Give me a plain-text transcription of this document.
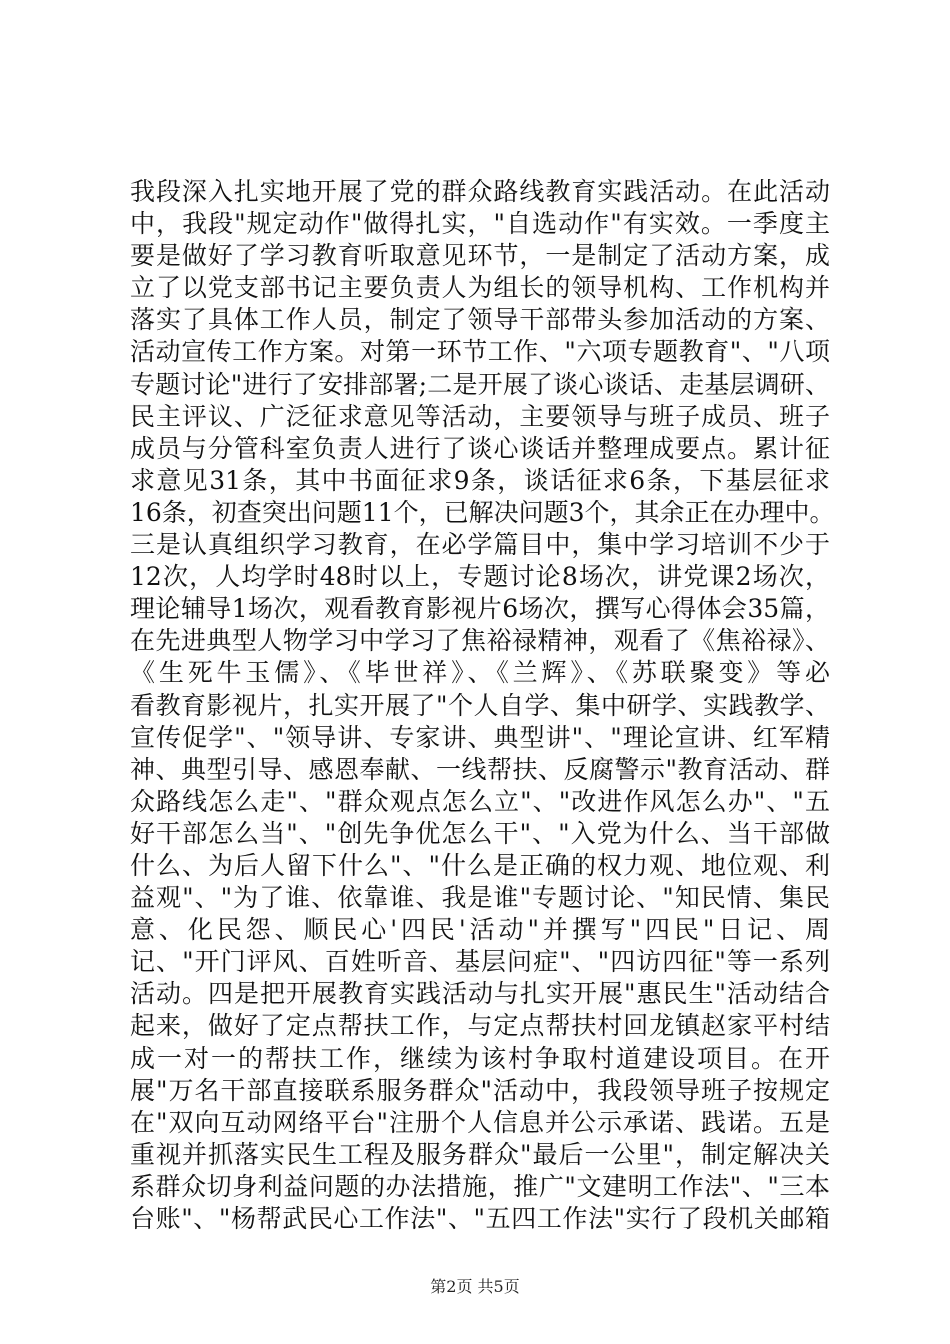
我段深入扎实地开展了党的群众路线教育实践活动。在此活动
中，我段"规定动作"做得扎实，"自选动作"有实效。一季度主
要是做好了学习教育听取意见环节，一是制定了活动方案，成
立了以党支部书记主要负责人为组长的领导机构、工作机构并
落实了具体工作人员，制定了领导干部带头参加活动的方案、
活动宣传工作方案。对第一环节工作、"六项专题教育"、"八项
专题讨论"进行了安排部署;二是开展了谈心谈话、走基层调研、
民主评议、广泛征求意见等活动，主要领导与班子成员、班子
成员与分管科室负责人进行了谈心谈话并整理成要点。累计征
求意见31条，其中书面征求9条，谈话征求6条，下基层征求
16条，初查突出问题11个，已解决问题3个，其余正在办理中。
三是认真组织学习教育，在必学篇目中，集中学习培训不少于
12次，人均学时48时以上，专题讨论8场次，讲党课2场次，
理论辅导1场次，观看教育影视片6场次，撰写心得体会35篇，
在先进典型人物学习中学习了焦裕禄精神，观看了《焦裕禄》、
《生死牛玉儒》、《毕世祥》、《兰辉》、《苏联聚变》等必
看教育影视片，扎实开展了"个人自学、集中研学、实践教学、
宣传促学"、"领导讲、专家讲、典型讲"、"理论宣讲、红军精
神、典型引导、感恩奉献、一线帮扶、反腐警示"教育活动、群
众路线怎么走"、"群众观点怎么立"、"改进作风怎么办"、"五
好干部怎么当"、"创先争优怎么干"、"入党为什么、当干部做
什么、为后人留下什么"、"什么是正确的权力观、地位观、利
益观"、"为了谁、依靠谁、我是谁"专题讨论、"知民情、集民
意、化民怨、顺民心'四民'活动"并撰写"四民"日记、周
记、"开门评风、百姓听音、基层问症"、"四访四征"等一系列
活动。四是把开展教育实践活动与扎实开展"惠民生"活动结合
起来，做好了定点帮扶工作，与定点帮扶村回龙镇赵家平村结
成一对一的帮扶工作，继续为该村争取村道建设项目。在开
展"万名干部直接联系服务群众"活动中，我段领导班子按规定
在"双向互动网络平台"注册个人信息并公示承诺、践诺。五是
重视并抓落实民生工程及服务群众"最后一公里"，制定解决关
系群众切身利益问题的办法措施，推广"文建明工作法"、"三本
台账"、"杨帮武民心工作法"、"五四工作法"实行了段机关邮箱
第2页 共5页
